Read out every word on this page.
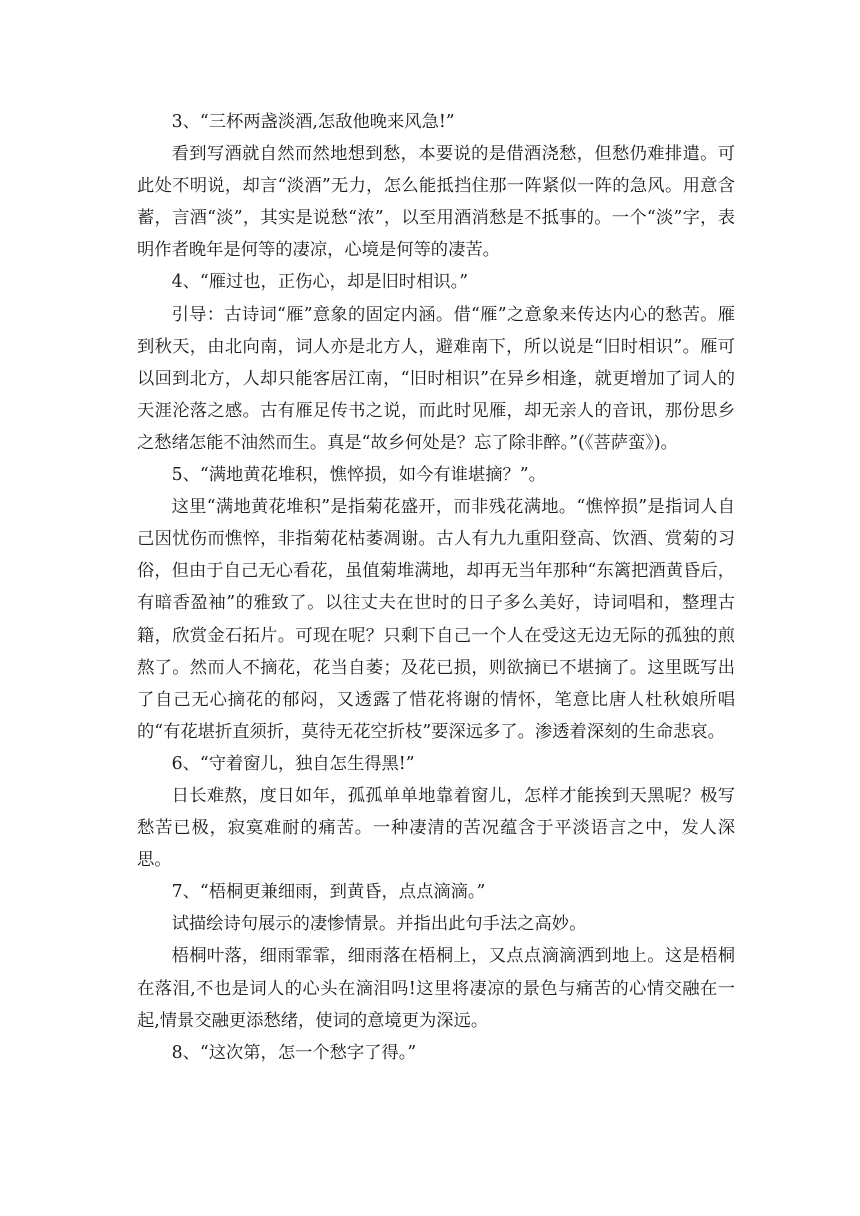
3、“三杯两盏淡酒,怎敌他晚来风急!”

看到写酒就自然而然地想到愁，本要说的是借酒浇愁，但愁仍难排遣。可此处不明说，却言“淡酒”无力，怎么能抵挡住那一阵紧似一阵的急风。用意含蓄，言酒“淡”，其实是说愁“浓”，以至用酒消愁是不抵事的。一个“淡”字，表明作者晚年是何等的凄凉，心境是何等的凄苦。

4、“雁过也，正伤心，却是旧时相识。”

引导：古诗词“雁”意象的固定内涵。借“雁”之意象来传达内心的愁苦。雁到秋天，由北向南，词人亦是北方人，避难南下，所以说是“旧时相识”。雁可以回到北方，人却只能客居江南，“旧时相识”在异乡相逢，就更增加了词人的天涯沦落之感。古有雁足传书之说，而此时见雁，却无亲人的音讯，那份思乡之愁绪怎能不油然而生。真是“故乡何处是？忘了除非醉。”(《菩萨蛮》)。

5、“满地黄花堆积，憔悴损，如今有谁堪摘？”。

这里“满地黄花堆积”是指菊花盛开，而非残花满地。“憔悴损”是指词人自己因忧伤而憔悴，非指菊花枯萎凋谢。古人有九九重阳登高、饮酒、赏菊的习俗，但由于自己无心看花，虽值菊堆满地，却再无当年那种“东篱把酒黄昏后，有暗香盈袖”的雅致了。以往丈夫在世时的日子多么美好，诗词唱和，整理古籍，欣赏金石拓片。可现在呢？只剩下自己一个人在受这无边无际的孤独的煎熬了。然而人不摘花，花当自萎；及花已损，则欲摘已不堪摘了。这里既写出了自己无心摘花的郁闷，又透露了惜花将谢的情怀，笔意比唐人杜秋娘所唱的“有花堪折直须折，莫待无花空折枝”要深远多了。渗透着深刻的生命悲哀。

6、“守着窗儿，独自怎生得黑!”

日长难熬，度日如年，孤孤单单地靠着窗儿，怎样才能挨到天黑呢？极写愁苦已极，寂寞难耐的痛苦。一种凄清的苦况蕴含于平淡语言之中，发人深思。

7、“梧桐更兼细雨，到黄昏，点点滴滴。”

试描绘诗句展示的凄惨情景。并指出此句手法之高妙。

梧桐叶落，细雨霏霏，细雨落在梧桐上，又点点滴滴洒到地上。这是梧桐在落泪,不也是词人的心头在滴泪吗!这里将凄凉的景色与痛苦的心情交融在一起,情景交融更添愁绪，使词的意境更为深远。

8、“这次第，怎一个愁字了得。”
